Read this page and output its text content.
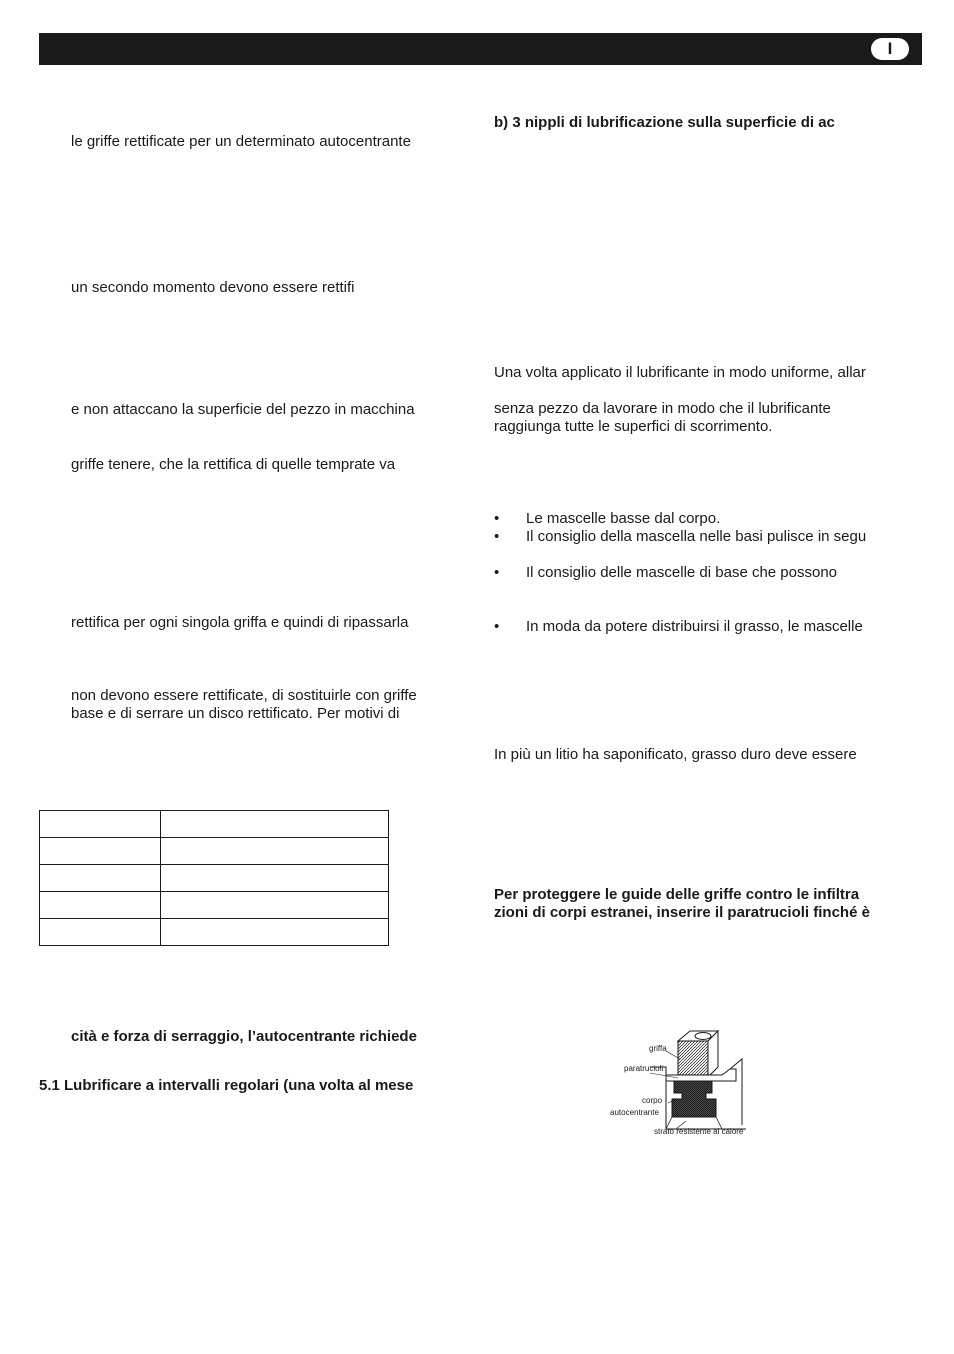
I
le griffe rettificate per un determinato autocentrante
un secondo momento devono essere rettifi
e non attaccano la superficie del pezzo in macchina
griffe tenere, che la rettifica di quelle temprate va
rettifica per ogni singola griffa e quindi di ripassarla
non devono essere rettificate, di sostituirle con griffe
base e di serrare un disco rettificato. Per motivi di

cità e forza di serraggio, l’autocentrante richiede
5.1 Lubrificare a intervalli regolari (una volta al mese
b) 3 nippli di lubrificazione sulla superficie di ac
Una volta applicato il lubrificante in modo uniforme, allar
senza pezzo da lavorare in modo che il lubrificante
raggiunga tutte le superfici di scorrimento.
• Le mascelle basse dal corpo.
• Il consiglio della mascella nelle basi pulisce in segu
• Il consiglio delle mascelle di base che possono
• In moda da potere distribuirsi il grasso, le mascelle
In più un litio ha saponificato, grasso duro deve essere
Per proteggere le guide delle griffe contro le infiltra
zioni di corpi estranei, inserire il paratrucioli finché è
griffa
paratrucioli
corpo
autocentrante
strato resistente al calore
